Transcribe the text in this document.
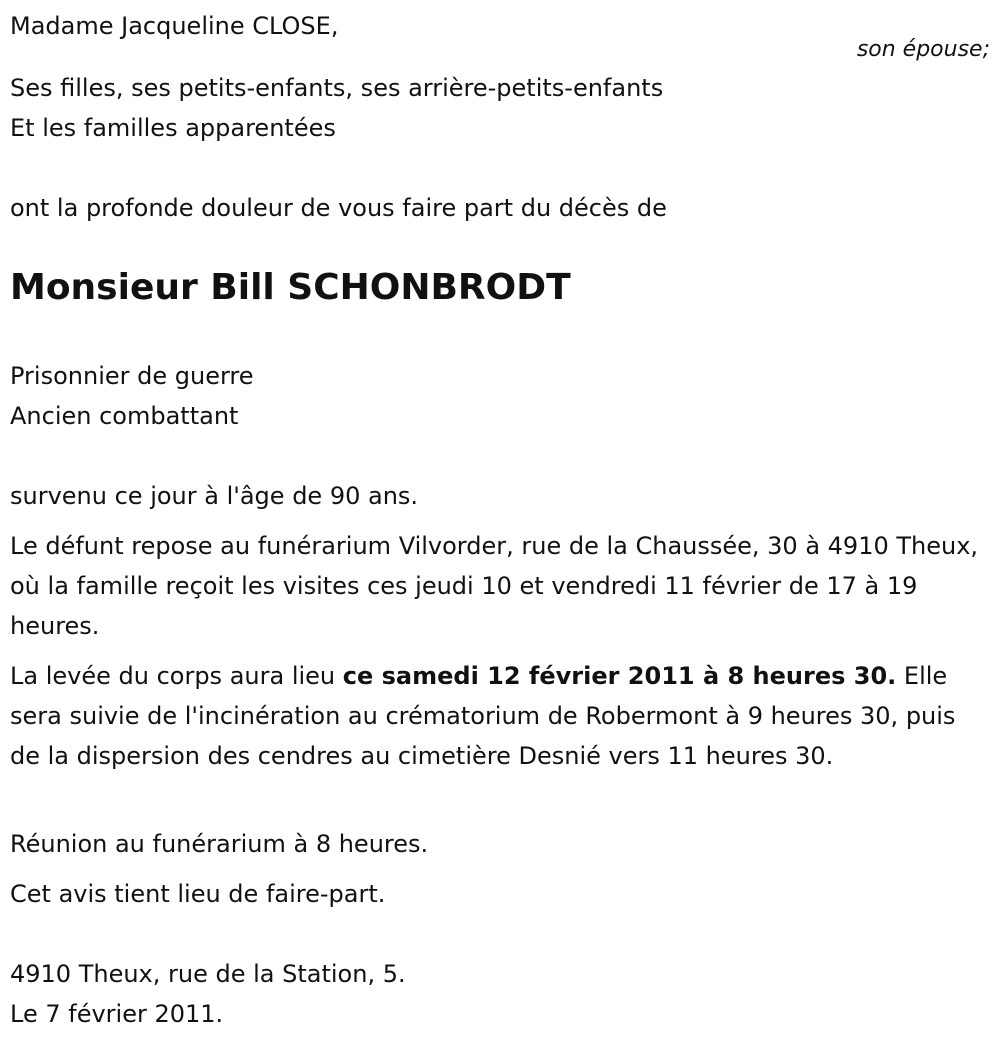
Madame Jacqueline CLOSE,
Ses filles, ses petits-enfants, ses arrière-petits-enfants
Et les familles apparentées
ont la profonde douleur de vous faire part du décès de
Monsieur Bill SCHONBRODT
Prisonnier de guerre
Ancien combattant
survenu ce jour à l'âge de 90 ans.

Le défunt repose au funérarium Vilvorder, rue de la Chaussée, 30 à 4910 Theux, où la famille reçoit les visites ces jeudi 10 et vendredi 11 février de 17 à 19 heures.

La levée du corps aura lieu ce samedi 12 février 2011 à 8 heures 30. Elle sera suivie de l'incinération au crématorium de Robermont à 9 heures 30, puis de la dispersion des cendres au cimetière Desnié vers 11 heures 30.

Réunion au funérarium à 8 heures.
Cet avis tient lieu de faire-part.
4910 Theux, rue de la Station, 5.
Le 7 février 2011.
son épouse;
